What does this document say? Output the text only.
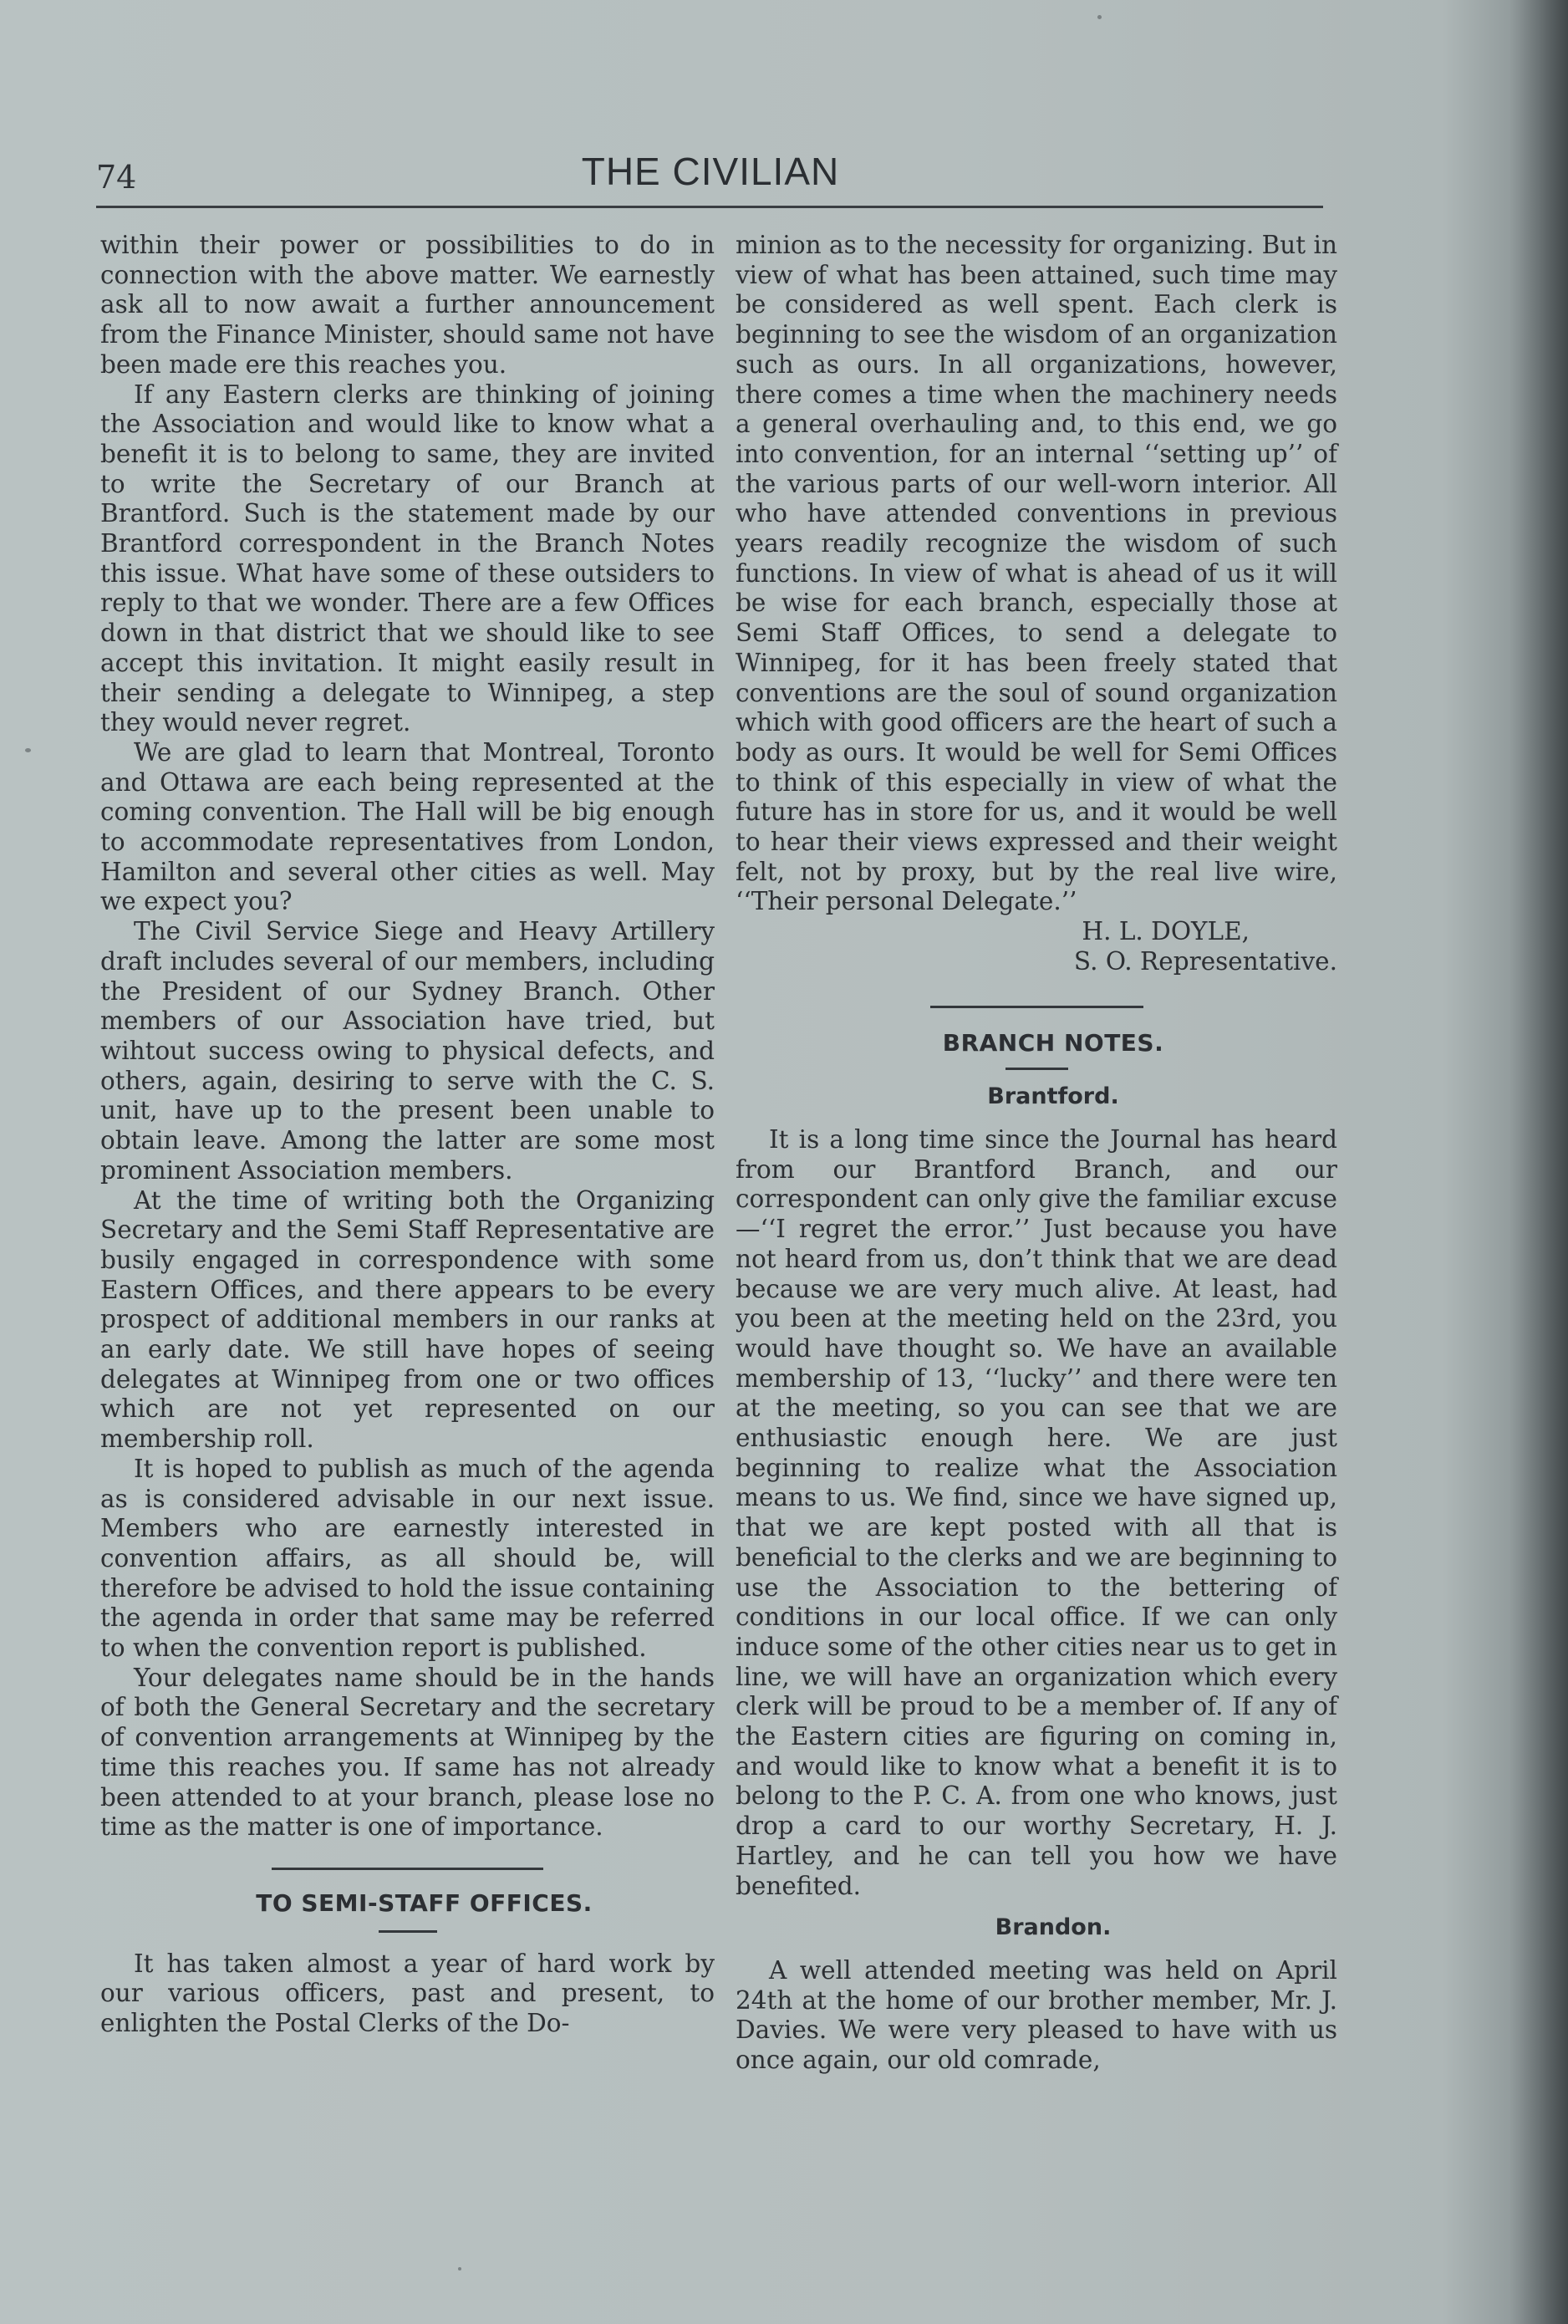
74	THE CIVILIAN

within their power or possibilities to do in connection with the above matter. We earnestly ask all to now await a further announcement from the Finance Minister, should same not have been made ere this reaches you.

If any Eastern clerks are thinking of joining the Association and would like to know what a benefit it is to belong to same, they are invited to write the Secretary of our Branch at Brantford. Such is the statement made by our Brantford correspondent in the Branch Notes this issue. What have some of these outsiders to reply to that we wonder. There are a few Offices down in that district that we should like to see accept this invitation. It might easily result in their sending a delegate to Winnipeg, a step they would never regret.

We are glad to learn that Montreal, Toronto and Ottawa are each being represented at the coming convention. The Hall will be big enough to accommodate representatives from London, Hamilton and several other cities as well. May we expect you?

The Civil Service Siege and Heavy Artillery draft includes several of our members, including the President of our Sydney Branch. Other members of our Association have tried, but wihtout success owing to physical defects, and others, again, desiring to serve with the C. S. unit, have up to the present been unable to obtain leave. Among the latter are some most prominent Association members.

At the time of writing both the Organizing Secretary and the Semi Staff Representative are busily engaged in correspondence with some Eastern Offices, and there appears to be every prospect of additional members in our ranks at an early date. We still have hopes of seeing delegates at Winnipeg from one or two offices which are not yet represented on our membership roll.

It is hoped to publish as much of the agenda as is considered advisable in our next issue. Members who are earnestly interested in convention affairs, as all should be, will therefore be advised to hold the issue containing the agenda in order that same may be referred to when the convention report is published.

Your delegates name should be in the hands of both the General Secretary and the secretary of convention arrangements at Winnipeg by the time this reaches you. If same has not already been attended to at your branch, please lose no time as the matter is one of importance.

TO SEMI-STAFF OFFICES.

It has taken almost a year of hard work by our various officers, past and present, to enlighten the Postal Clerks of the Do-

minion as to the necessity for organizing. But in view of what has been attained, such time may be considered as well spent. Each clerk is beginning to see the wisdom of an organization such as ours. In all organizations, however, there comes a time when the machinery needs a general overhauling and, to this end, we go into convention, for an internal ‘‘setting up’’ of the various parts of our well-worn interior. All who have attended conventions in previous years readily recognize the wisdom of such functions. In view of what is ahead of us it will be wise for each branch, especially those at Semi Staff Offices, to send a delegate to Winnipeg, for it has been freely stated that conventions are the soul of sound organization which with good officers are the heart of such a body as ours. It would be well for Semi Offices to think of this especially in view of what the future has in store for us, and it would be well to hear their views expressed and their weight felt, not by proxy, but by the real live wire, ‘‘Their personal Delegate.’’

H. L. DOYLE,

S. O. Representative.

BRANCH NOTES.

Brantford.

It is a long time since the Journal has heard from our Brantford Branch, and our correspondent can only give the familiar excuse—‘‘I regret the error.’’ Just because you have not heard from us, don’t think that we are dead because we are very much alive. At least, had you been at the meeting held on the 23rd, you would have thought so. We have an available membership of 13, ‘‘lucky’’ and there were ten at the meeting, so you can see that we are enthusiastic enough here. We are just beginning to realize what the Association means to us. We find, since we have signed up, that we are kept posted with all that is beneficial to the clerks and we are beginning to use the Association to the bettering of conditions in our local office. If we can only induce some of the other cities near us to get in line, we will have an organization which every clerk will be proud to be a member of. If any of the Eastern cities are figuring on coming in, and would like to know what a benefit it is to belong to the P. C. A. from one who knows, just drop a card to our worthy Secretary, H. J. Hartley, and he can tell you how we have benefited.

Brandon.

A well attended meeting was held on April 24th at the home of our brother member, Mr. J. Davies. We were very pleased to have with us once again, our old comrade,
